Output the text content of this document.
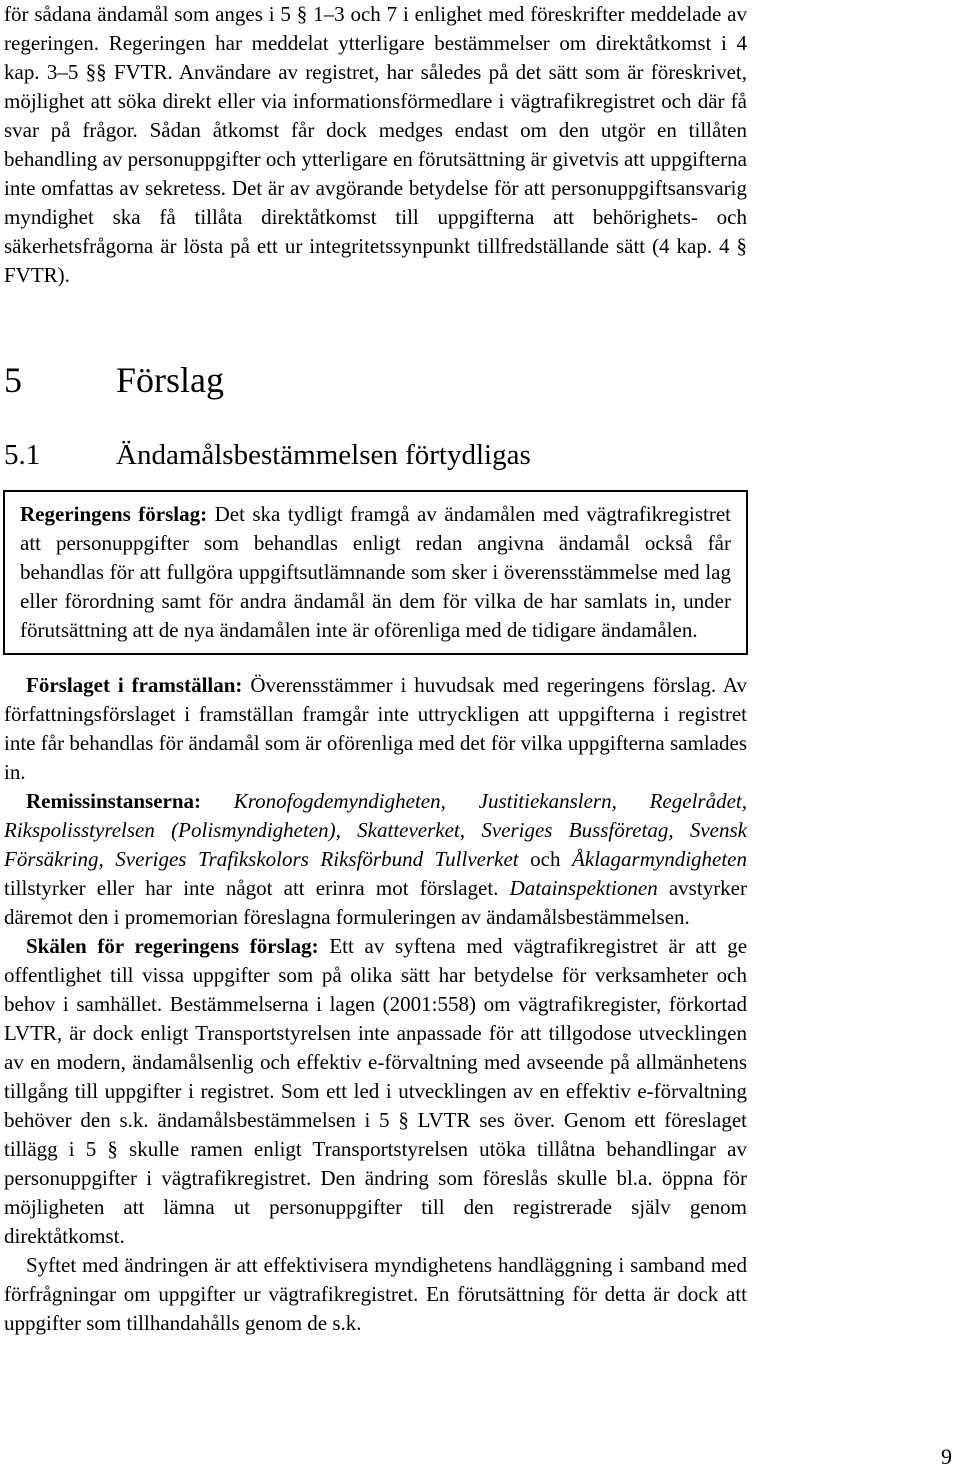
för sådana ändamål som anges i 5 § 1–3 och 7 i enlighet med föreskrifter meddelade av regeringen. Regeringen har meddelat ytterligare bestämmelser om direktåtkomst i 4 kap. 3–5 §§ FVTR. Användare av registret, har således på det sätt som är föreskrivet, möjlighet att söka direkt eller via informationsförmedlare i vägtrafikregistret och där få svar på frågor. Sådan åtkomst får dock medges endast om den utgör en tillåten behandling av personuppgifter och ytterligare en förutsättning är givetvis att uppgifterna inte omfattas av sekretess. Det är av avgörande betydelse för att personuppgiftsansvarig myndighet ska få tillåta direktåtkomst till uppgifterna att behörighets- och säkerhetsfrågorna är lösta på ett ur integritetssynpunkt tillfredställande sätt (4 kap. 4 § FVTR).

5	Förslag
5.1	Ändamålsbestämmelsen förtydligas

Regeringens förslag: Det ska tydligt framgå av ändamålen med vägtrafikregistret att personuppgifter som behandlas enligt redan angivna ändamål också får behandlas för att fullgöra uppgiftsutlämnande som sker i överensstämmelse med lag eller förordning samt för andra ändamål än dem för vilka de har samlats in, under förutsättning att de nya ändamålen inte är oförenliga med de tidigare ändamålen.

Förslaget i framställan: Överensstämmer i huvudsak med regeringens förslag. Av författningsförslaget i framställan framgår inte uttryckligen att uppgifterna i registret inte får behandlas för ändamål som är oförenliga med det för vilka uppgifterna samlades in.

Remissinstanserna: Kronofogdemyndigheten, Justitiekanslern, Regelrådet, Rikspolisstyrelsen (Polismyndigheten), Skatteverket, Sveriges Bussföretag, Svensk Försäkring, Sveriges Trafikskolors Riksförbund Tullverket och Åklagarmyndigheten tillstyrker eller har inte något att erinra mot förslaget. Datainspektionen avstyrker däremot den i promemorian föreslagna formuleringen av ändamålsbestämmelsen.

Skälen för regeringens förslag: Ett av syftena med vägtrafikregistret är att ge offentlighet till vissa uppgifter som på olika sätt har betydelse för verksamheter och behov i samhället. Bestämmelserna i lagen (2001:558) om vägtrafikregister, förkortad LVTR, är dock enligt Transportstyrelsen inte anpassade för att tillgodose utvecklingen av en modern, ändamålsenlig och effektiv e-förvaltning med avseende på allmänhetens tillgång till uppgifter i registret. Som ett led i utvecklingen av en effektiv e-förvaltning behöver den s.k. ändamålsbestämmelsen i 5 § LVTR ses över. Genom ett föreslaget tillägg i 5 § skulle ramen enligt Transportstyrelsen utöka tillåtna behandlingar av personuppgifter i vägtrafikregistret. Den ändring som föreslås skulle bl.a. öppna för möjligheten att lämna ut personuppgifter till den registrerade själv genom direktåtkomst.

Syftet med ändringen är att effektivisera myndighetens handläggning i samband med förfrågningar om uppgifter ur vägtrafikregistret. En förutsättning för detta är dock att uppgifter som tillhandahålls genom de s.k.

9
